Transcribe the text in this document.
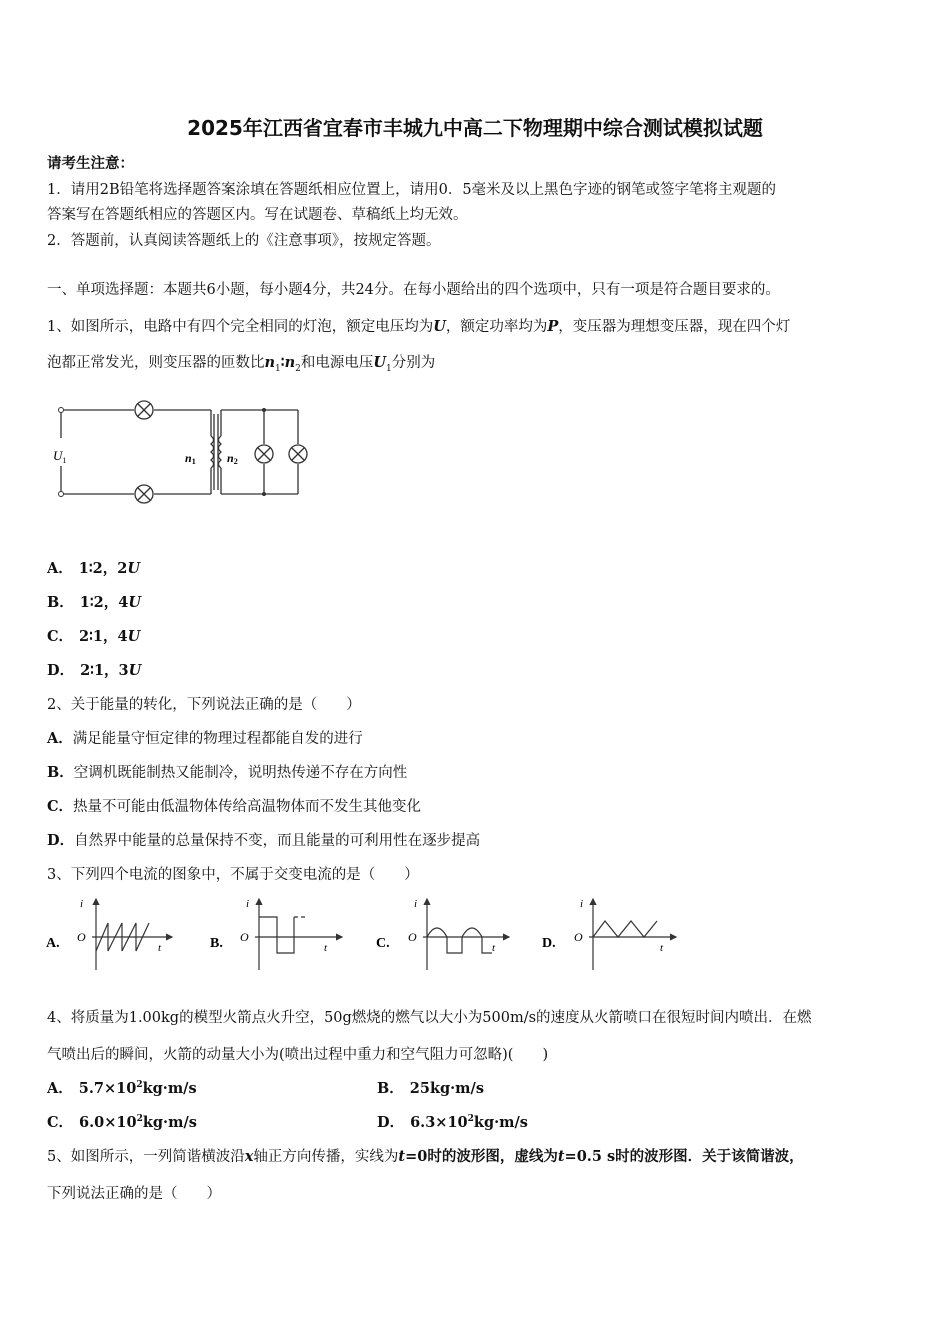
2025年江西省宜春市丰城九中高二下物理期中综合测试模拟试题
请考生注意：
1．请用2B铅笔将选择题答案涂填在答题纸相应位置上，请用0．5毫米及以上黑色字迹的钢笔或签字笔将主观题的
答案写在答题纸相应的答题区内。写在试题卷、草稿纸上均无效。
2．答题前，认真阅读答题纸上的《注意事项》，按规定答题。
一、单项选择题：本题共6小题，每小题4分，共24分。在每小题给出的四个选项中，只有一项是符合题目要求的。
1、如图所示，电路中有四个完全相同的灯泡，额定电压均为U，额定功率均为P，变压器为理想变压器，现在四个灯
泡都正常发光，则变压器的匝数比$n_1∶n_2$和电源电压$U_1$分别为
$U_1$	n1	n2
A． 1∶2，2U
B． 1∶2，4U
C． 2∶1，4U
D． 2∶1，3U
2、关于能量的转化，下列说法正确的是（　　）
A．满足能量守恒定律的物理过程都能自发的进行
B．空调机既能制热又能制冷，说明热传递不存在方向性
C．热量不可能由低温物体传给高温物体而不发生其他变化
D．自然界中能量的总量保持不变，而且能量的可利用性在逐步提高
3、下列四个电流的图象中，不属于交变电流的是（　　）
A.
i
O
t	B.
i
O
t	C.
i
O
t	D.
i
O
t
4、将质量为1.00kg的模型火箭点火升空，50g燃烧的燃气以大小为500m/s的速度从火箭喷口在很短时间内喷出．在燃
气喷出后的瞬间，火箭的动量大小为(喷出过程中重力和空气阻力可忽略)(　　)
A． $5.7\times 10^2kg\cdot m/s$	B． 25kg·m/s
C． $6.0\times 10^2kg\cdot m/s$	D． $6.3\times 10^2kg\cdot m/s$
5、如图所示，一列简谐横波沿x轴正方向传播，实线为t=0时的波形图，虚线为t=0.5 s时的波形图．关于该简谐波，
下列说法正确的是（　　）
